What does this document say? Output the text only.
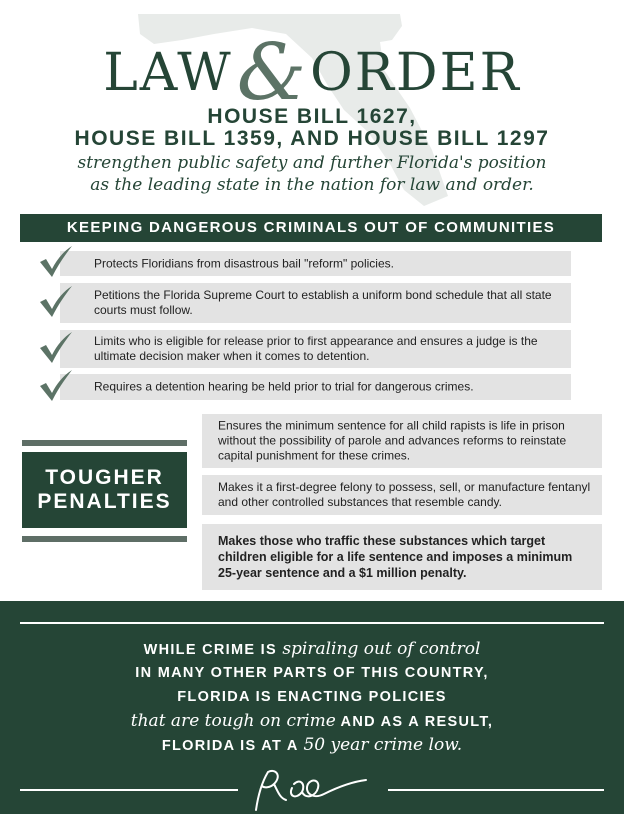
LAW&ORDER
HOUSE BILL 1627,
HOUSE BILL 1359, AND HOUSE BILL 1297
strengthen public safety and further Florida's position
as the leading state in the nation for law and order.
KEEPING DANGEROUS CRIMINALS OUT OF COMMUNITIES
Protects Floridians from disastrous bail "reform" policies.
Petitions the Florida Supreme Court to establish a uniform bond schedule that all state courts must follow.
Limits who is eligible for release prior to first appearance and ensures a judge is the ultimate decision maker when it comes to detention.
Requires a detention hearing be held prior to trial for dangerous crimes.
TOUGHER
PENALTIES
Ensures the minimum sentence for all child rapists is life in prison without the possibility of parole and advances reforms to reinstate capital punishment for these crimes.
Makes it a first-degree felony to possess, sell, or manufacture fentanyl and other controlled substances that resemble candy.
Makes those who traffic these substances which target children eligible for a life sentence and imposes a minimum 25-year sentence and a $1 million penalty.
WHILE CRIME IS spiraling out of control
IN MANY OTHER PARTS OF THIS COUNTRY,
FLORIDA IS ENACTING POLICIES
that are tough on crime AND AS A RESULT,
FLORIDA IS AT A 50 year crime low.
